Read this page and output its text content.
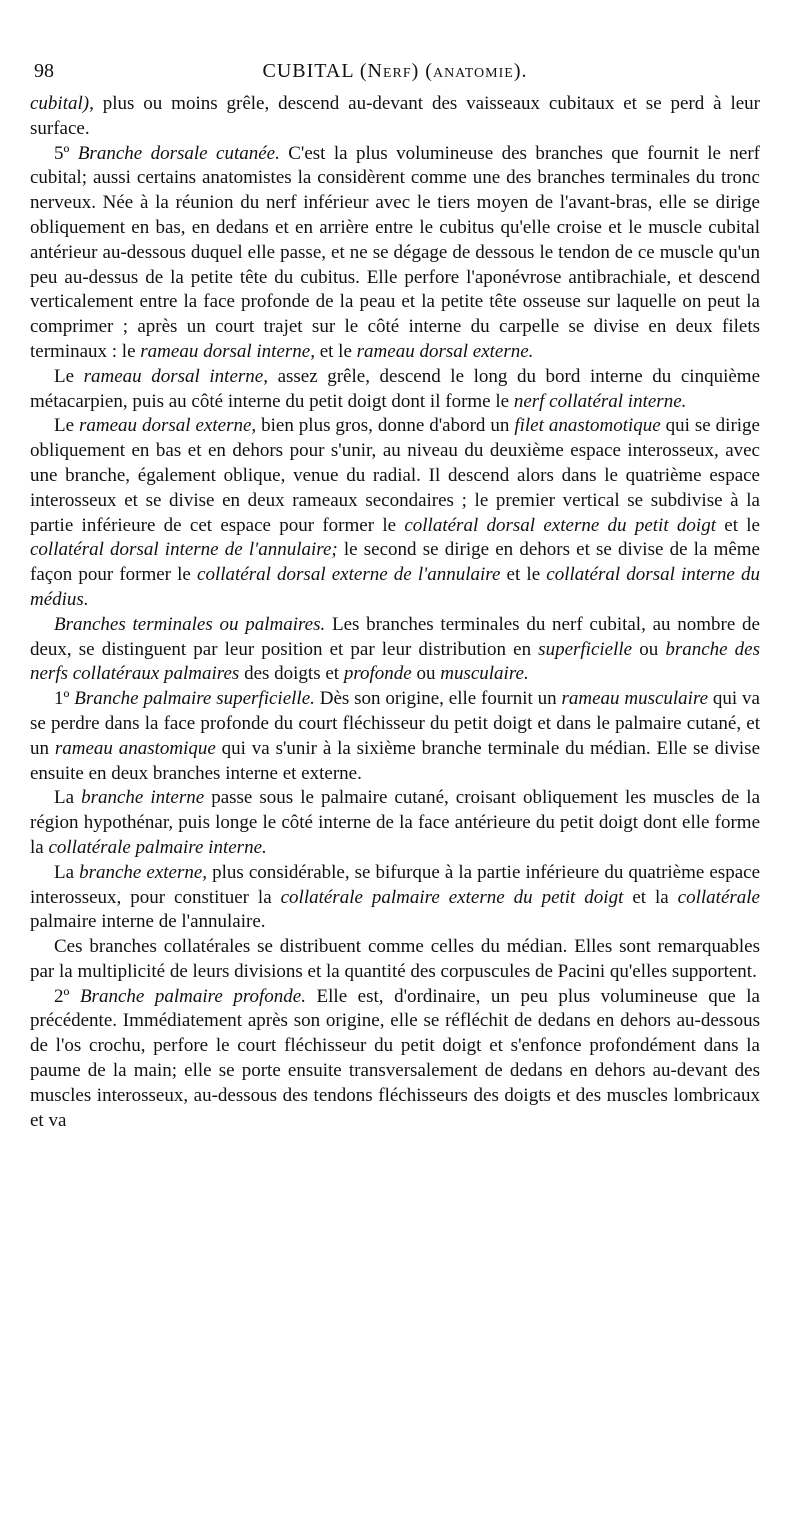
98	CUBITAL (Nerf) (anatomie).

cubital), plus ou moins grêle, descend au-devant des vaisseaux cubitaux et se perd à leur surface.

5º Branche dorsale cutanée. C'est la plus volumineuse des branches que fournit le nerf cubital; aussi certains anatomistes la considèrent comme une des branches terminales du tronc nerveux. Née à la réunion du nerf inférieur avec le tiers moyen de l'avant-bras, elle se dirige obliquement en bas, en dedans et en arrière entre le cubitus qu'elle croise et le muscle cubital antérieur au-dessous duquel elle passe, et ne se dégage de dessous le tendon de ce muscle qu'un peu au-dessus de la petite tête du cubitus. Elle perfore l'aponévrose antibrachiale, et descend verticalement entre la face profonde de la peau et la petite tête osseuse sur laquelle on peut la comprimer ; après un court trajet sur le côté interne du carpelle se divise en deux filets terminaux : le rameau dorsal interne, et le rameau dorsal externe.

Le rameau dorsal interne, assez grêle, descend le long du bord interne du cinquième métacarpien, puis au côté interne du petit doigt dont il forme le nerf collatéral interne.

Le rameau dorsal externe, bien plus gros, donne d'abord un filet anastomotique qui se dirige obliquement en bas et en dehors pour s'unir, au niveau du deuxième espace interosseux, avec une branche, également oblique, venue du radial. Il descend alors dans le quatrième espace interosseux et se divise en deux rameaux secondaires ; le premier vertical se subdivise à la partie inférieure de cet espace pour former le collatéral dorsal externe du petit doigt et le collatéral dorsal interne de l'annulaire; le second se dirige en dehors et se divise de la même façon pour former le collatéral dorsal externe de l'annulaire et le collatéral dorsal interne du médius.

Branches terminales ou palmaires. Les branches terminales du nerf cubital, au nombre de deux, se distinguent par leur position et par leur distribution en superficielle ou branche des nerfs collatéraux palmaires des doigts et profonde ou musculaire.

1º Branche palmaire superficielle. Dès son origine, elle fournit un rameau musculaire qui va se perdre dans la face profonde du court fléchisseur du petit doigt et dans le palmaire cutané, et un rameau anastomique qui va s'unir à la sixième branche terminale du médian. Elle se divise ensuite en deux branches interne et externe.

La branche interne passe sous le palmaire cutané, croisant obliquement les muscles de la région hypothénar, puis longe le côté interne de la face antérieure du petit doigt dont elle forme la collatérale palmaire interne.

La branche externe, plus considérable, se bifurque à la partie inférieure du quatrième espace interosseux, pour constituer la collatérale palmaire externe du petit doigt et la collatérale palmaire interne de l'annulaire.

Ces branches collatérales se distribuent comme celles du médian. Elles sont remarquables par la multiplicité de leurs divisions et la quantité des corpuscules de Pacini qu'elles supportent.

2º Branche palmaire profonde. Elle est, d'ordinaire, un peu plus volumineuse que la précédente. Immédiatement après son origine, elle se réfléchit de dedans en dehors au-dessous de l'os crochu, perfore le court fléchisseur du petit doigt et s'enfonce profondément dans la paume de la main; elle se porte ensuite transversalement de dedans en dehors au-devant des muscles interosseux, au-dessous des tendons fléchisseurs des doigts et des muscles lombricaux et va
